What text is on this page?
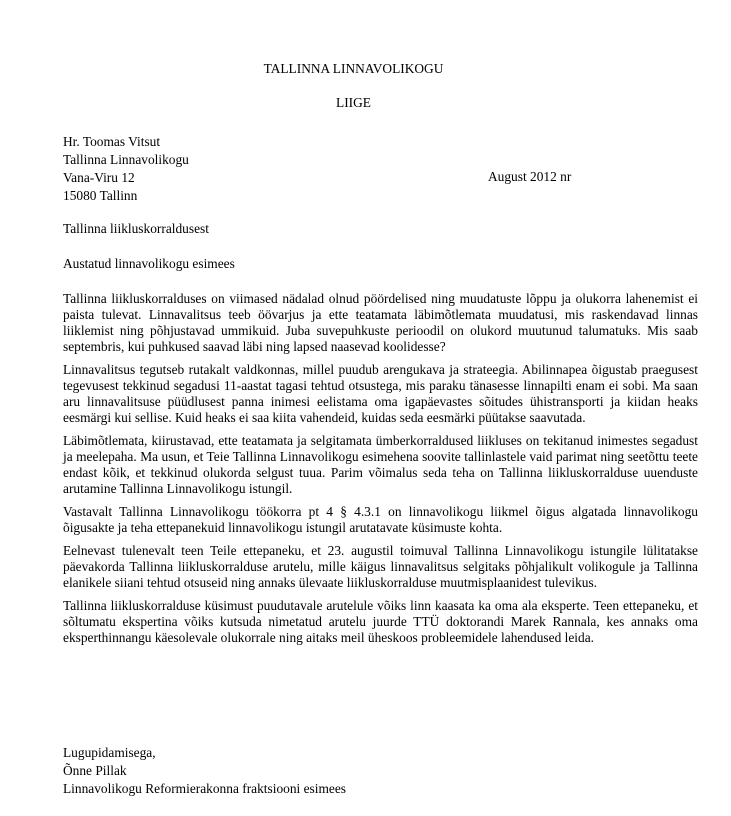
TALLINNA LINNAVOLIKOGU
LIIGE
Hr. Toomas Vitsut
Tallinna Linnavolikogu
Vana-Viru 12
15080 Tallinn
August 2012 nr
Tallinna liikluskorraldusest
Austatud linnavolikogu esimees

Tallinna liikluskorralduses on viimased nädalad olnud pöördelised ning muudatuste lõppu ja olukorra lahenemist ei paista tulevat. Linnavalitsus teeb öövarjus ja ette teatamata läbimõtlemata muudatusi, mis raskendavad linnas liiklemist ning põhjustavad ummikuid. Juba suvepuhkuste perioodil on olukord muutunud talumatuks. Mis saab septembris, kui puhkused saavad läbi ning lapsed naasevad koolidesse?

Linnavalitsus tegutseb rutakalt valdkonnas, millel puudub arengukava ja strateegia. Abilinnapea õigustab praegusest tegevusest tekkinud segadusi 11-aastat tagasi tehtud otsustega, mis paraku tänasesse linnapilti enam ei sobi. Ma saan aru linnavalitsuse püüdlusest panna inimesi eelistama oma igapäevastes sõitudes ühistransporti ja kiidan heaks eesmärgi kui sellise. Kuid heaks ei saa kiita vahendeid, kuidas seda eesmärki püütakse saavutada.

Läbimõtlemata, kiirustavad, ette teatamata ja selgitamata ümberkorraldused liikluses on tekitanud inimestes segadust ja meelepaha. Ma usun, et Teie Tallinna Linnavolikogu esimehena soovite tallinlastele vaid parimat ning seetõttu teete endast kõik, et tekkinud olukorda selgust tuua. Parim võimalus seda teha on Tallinna liikluskorralduse uuenduste arutamine Tallinna Linnavolikogu istungil.

Vastavalt Tallinna Linnavolikogu töökorra pt 4 § 4.3.1 on linnavolikogu liikmel õigus algatada linnavolikogu õigusakte ja teha ettepanekuid linnavolikogu istungil arutatavate küsimuste kohta.

Eelnevast tulenevalt teen Teile ettepaneku, et 23. augustil toimuval Tallinna Linnavolikogu istungile lülitatakse päevakorda Tallinna liikluskorralduse arutelu, mille käigus linnavalitsus selgitaks põhjalikult volikogule ja Tallinna elanikele siiani tehtud otsuseid ning annaks ülevaate liikluskorralduse muutmisplaanidest tulevikus.

Tallinna liikluskorralduse küsimust puudutavale arutelule võiks linn kaasata ka oma ala eksperte. Teen ettepaneku, et sõltumatu ekspertina võiks kutsuda nimetatud arutelu juurde TTÜ doktorandi Marek Rannala, kes annaks oma eksperthinnangu käesolevale olukorrale ning aitaks meil üheskoos probleemidele lahendused leida.

Lugupidamisega,
Õnne Pillak
Linnavolikogu Reformierakonna fraktsiooni esimees
